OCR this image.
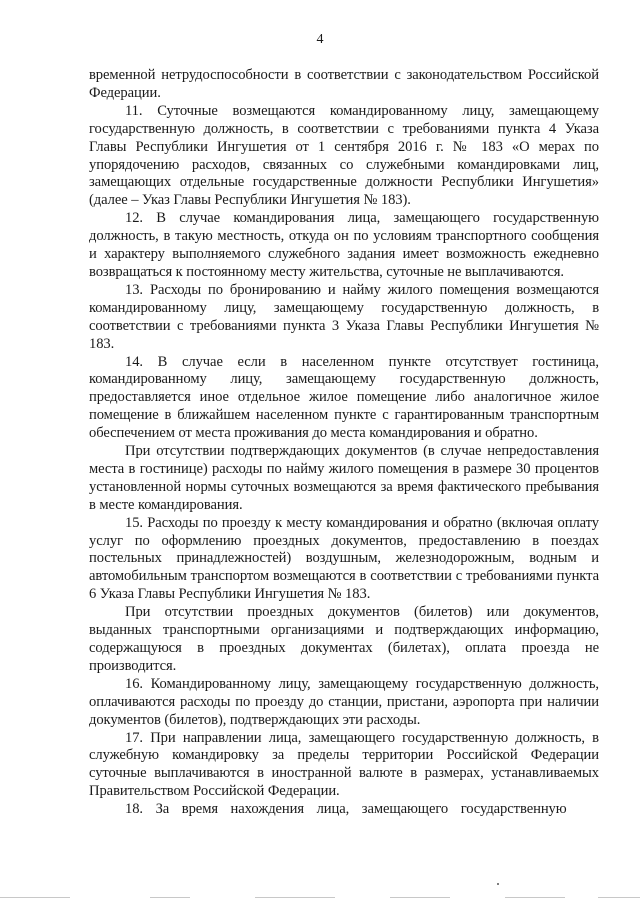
4

временной нетрудоспособности в соответствии с законодательством Российской Федерации.

11. Суточные возмещаются командированному лицу, замещающему государственную должность, в соответствии с требованиями пункта 4 Указа Главы Республики Ингушетия от 1 сентября 2016 г. № 183 «О мерах по упорядочению расходов, связанных со служебными командировками лиц, замещающих отдельные государственные должности Республики Ингушетия» (далее – Указ Главы Республики Ингушетия № 183).

12. В случае командирования лица, замещающего государственную должность, в такую местность, откуда он по условиям транспортного сообщения и характеру выполняемого служебного задания имеет возможность ежедневно возвращаться к постоянному месту жительства, суточные не выплачиваются.

13. Расходы по бронированию и найму жилого помещения возмещаются командированному лицу, замещающему государственную должность, в соответствии с требованиями пункта 3 Указа Главы Республики Ингушетия № 183.

14. В случае если в населенном пункте отсутствует гостиница, командированному лицу, замещающему государственную должность, предоставляется иное отдельное жилое помещение либо аналогичное жилое помещение в ближайшем населенном пункте с гарантированным транспортным обеспечением от места проживания до места командирования и обратно.

При отсутствии подтверждающих документов (в случае непредоставления места в гостинице) расходы по найму жилого помещения в размере 30 процентов установленной нормы суточных возмещаются за время фактического пребывания в месте командирования.

15. Расходы по проезду к месту командирования и обратно (включая оплату услуг по оформлению проездных документов, предоставлению в поездах постельных принадлежностей) воздушным, железнодорожным, водным и автомобильным транспортом возмещаются в соответствии с требованиями пункта 6 Указа Главы Республики Ингушетия № 183.

При отсутствии проездных документов (билетов) или документов, выданных транспортными организациями и подтверждающих информацию, содержащуюся в проездных документах (билетах), оплата проезда не производится.

16. Командированному лицу, замещающему государственную должность, оплачиваются расходы по проезду до станции, пристани, аэропорта при наличии документов (билетов), подтверждающих эти расходы.

17. При направлении лица, замещающего государственную должность, в служебную командировку за пределы территории Российской Федерации суточные выплачиваются в иностранной валюте в размерах, устанавливаемых Правительством Российской Федерации.

18. За время нахождения лица, замещающего государственную
